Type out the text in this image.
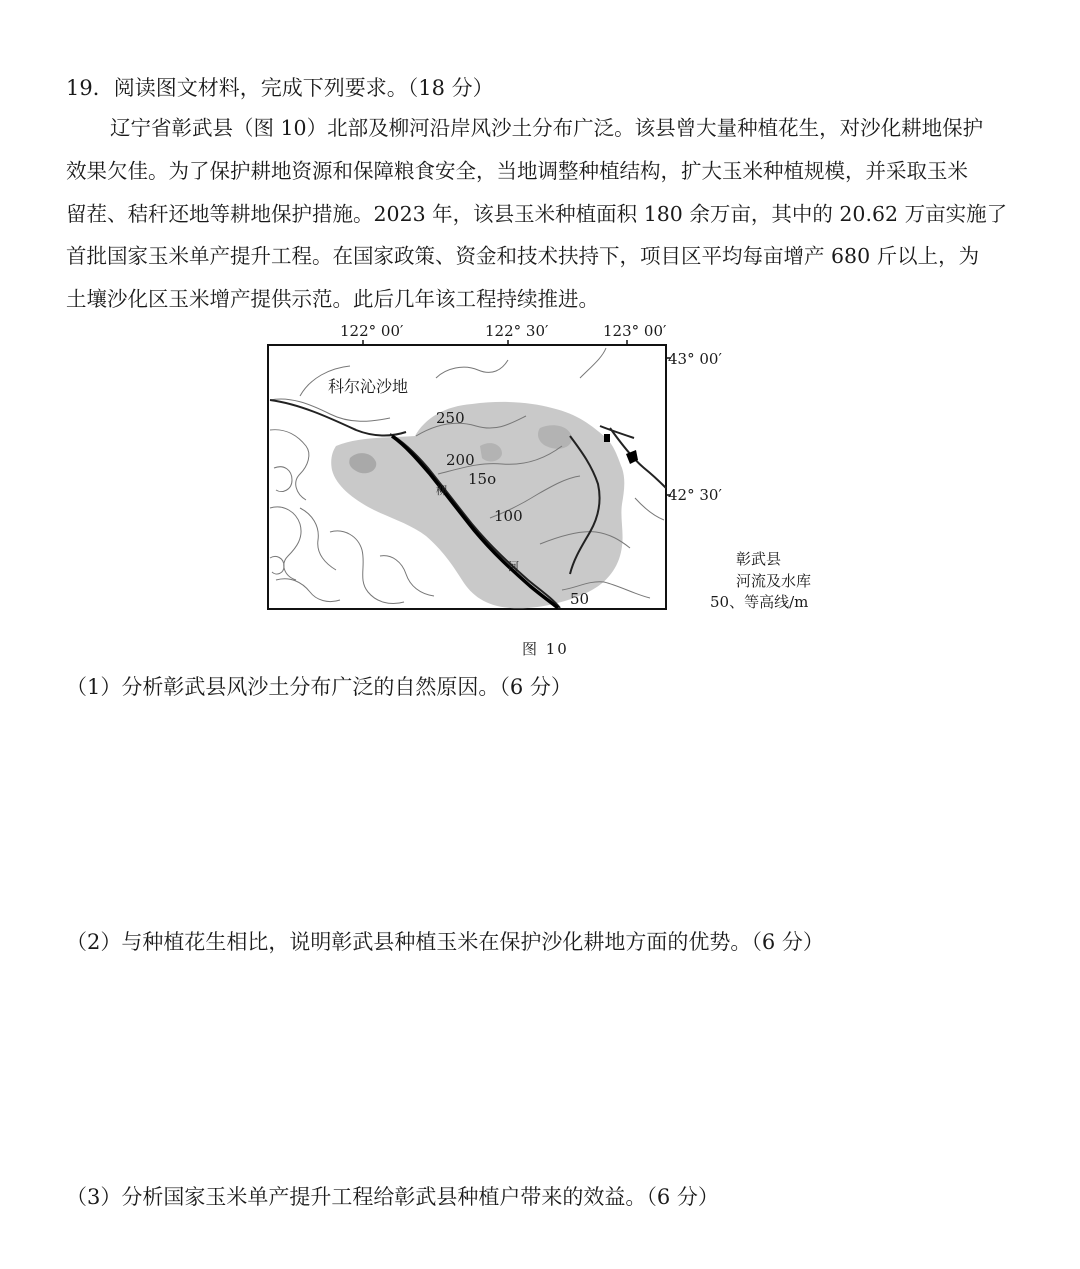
19．阅读图文材料，完成下列要求。（18 分）
辽宁省彰武县（图 10）北部及柳河沿岸风沙土分布广泛。该县曾大量种植花生，对沙化耕地保护
效果欠佳。为了保护耕地资源和保障粮食安全，当地调整种植结构，扩大玉米种植规模，并采取玉米
留茬、秸秆还地等耕地保护措施。2023 年，该县玉米种植面积 180 余万亩，其中的 20.62 万亩实施了
首批国家玉米单产提升工程。在国家政策、资金和技术扶持下，项目区平均每亩增产 680 斤以上，为
土壤沙化区玉米增产提供示范。此后几年该工程持续推进。
122° 00′	122° 30′	123° 00′
43° 00′
42° 30′
科尔沁沙地
250
200
15o
100
50
柳
河	彰武县
河流及水库
50、等高线/m
图 10
（1）分析彰武县风沙土分布广泛的自然原因。（6 分）
（2）与种植花生相比，说明彰武县种植玉米在保护沙化耕地方面的优势。（6 分）
（3）分析国家玉米单产提升工程给彰武县种植户带来的效益。（6 分）
